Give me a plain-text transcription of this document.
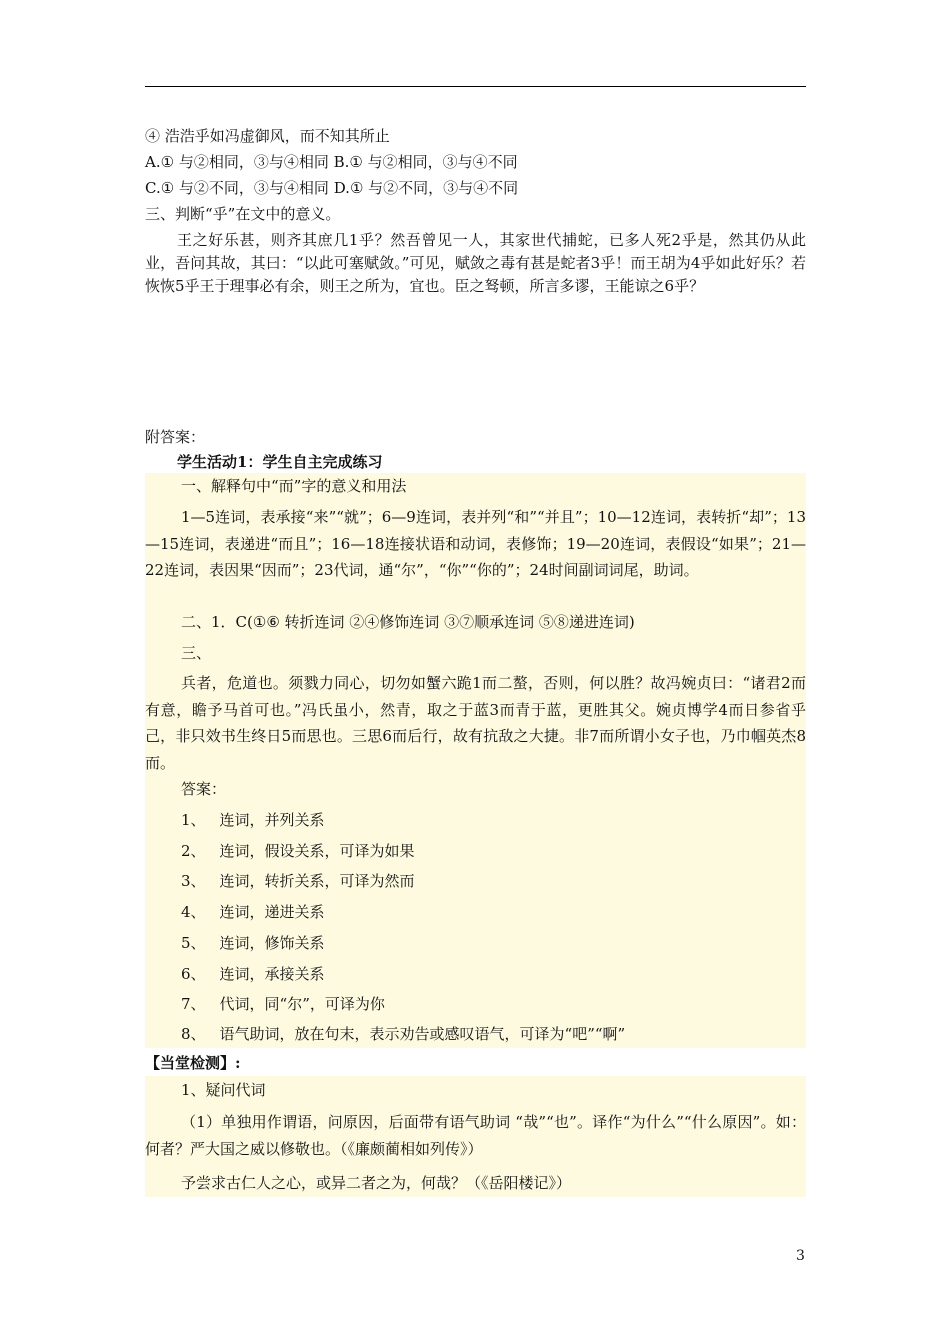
④ 浩浩乎如冯虚御风，而不知其所止
A.① 与②相同，③与④相同 B.① 与②相同，③与④不同
C.① 与②不同，③与④相同 D.① 与②不同，③与④不同
三、判断“乎”在文中的意义。
王之好乐甚，则齐其庶几1乎？然吾曾见一人，其家世代捕蛇，已多人死2乎是，然其仍从此业，吾问其故，其曰：“以此可塞赋敛。”可见，赋敛之毒有甚是蛇者3乎！而王胡为4乎如此好乐？若恢恢5乎王于理事必有余，则王之所为，宜也。臣之驽顿，所言多谬，王能谅之6乎？
附答案：
学生活动1：学生自主完成练习
一、解释句中“而”字的意义和用法
1—5连词，表承接“来”“就”；6—9连词，表并列“和”“并且”；10—12连词，表转折“却”；13—15连词，表递进“而且”；16—18连接状语和动词，表修饰；19—20连词，表假设“如果”；21—22连词，表因果“因而”；23代词，通“尔”，“你”“你的”；24时间副词词尾，助词。
二、1．C(①⑥ 转折连词 ②④修饰连词 ③⑦顺承连词 ⑤⑧递进连词)
三、
兵者，危道也。须戮力同心，切勿如蟹六跪1而二螯，否则，何以胜？故冯婉贞曰：“诸君2而有意，瞻予马首可也。”冯氏虽小，然青，取之于蓝3而青于蓝，更胜其父。婉贞博学4而日参省乎己，非只效书生终日5而思也。三思6而后行，故有抗敌之大捷。非7而所谓小女子也，乃巾帼英杰8而。
答案：
1、 连词，并列关系
2、 连词，假设关系，可译为如果
3、 连词，转折关系，可译为然而
4、 连词，递进关系
5、 连词，修饰关系
6、 连词，承接关系
7、 代词，同“尔”，可译为你
8、 语气助词，放在句末，表示劝告或感叹语气，可译为“吧”“啊”
【当堂检测】:
1、疑问代词
（1）单独用作谓语，问原因，后面带有语气助词 “哉”“也”。译作“为什么”“什么原因”。如：何者？严大国之威以修敬也。（《廉颇蔺相如列传》）
予尝求古仁人之心，或异二者之为，何哉？（《岳阳楼记》）
3
